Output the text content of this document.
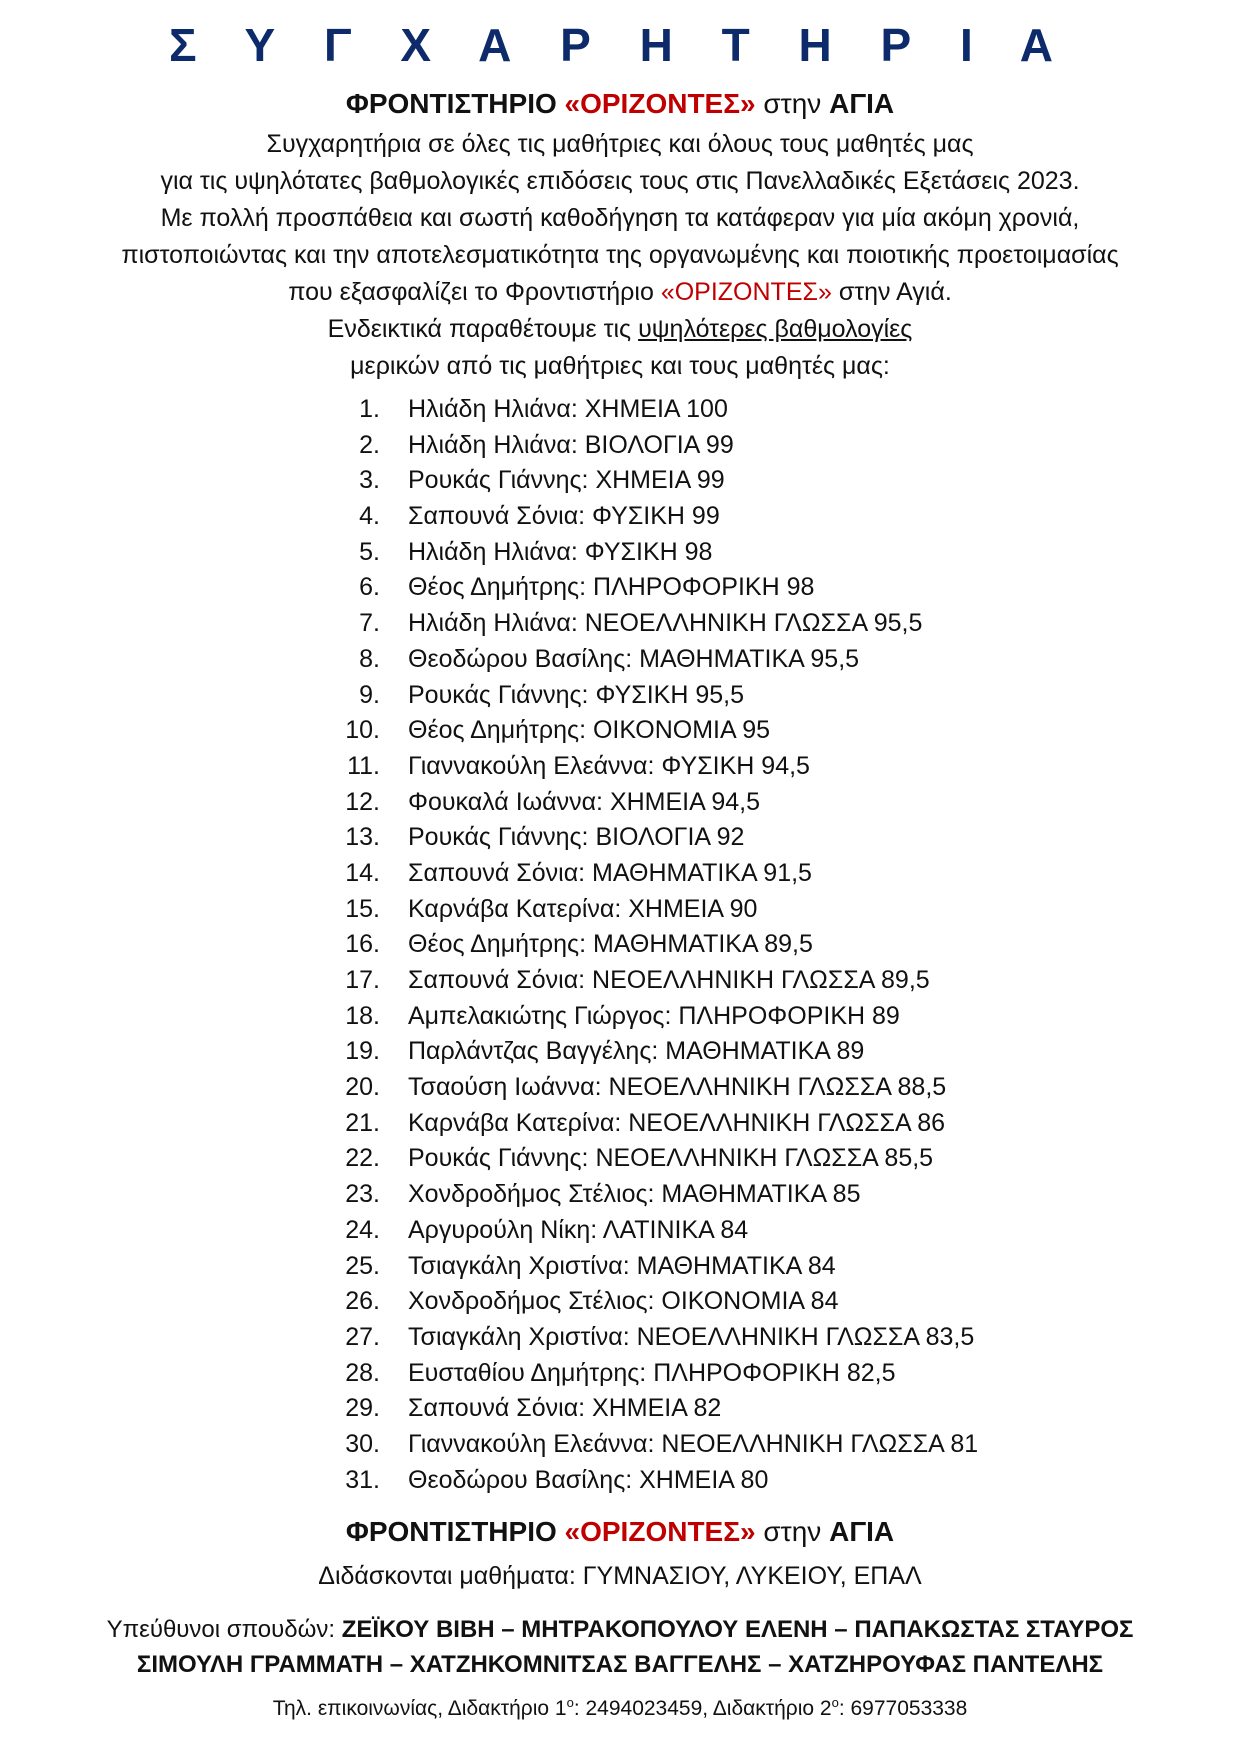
Σ Υ Γ Χ Α Ρ Η Τ Η Ρ Ι Α
ΦΡΟΝΤΙΣΤΗΡΙΟ «ΟΡΙΖΟΝΤΕΣ» στην ΑΓΙΑ

Συγχαρητήρια σε όλες τις μαθήτριες και όλους τους μαθητές μας

για τις υψηλότατες βαθμολογικές επιδόσεις τους στις Πανελλαδικές Εξετάσεις 2023.

Με πολλή προσπάθεια και σωστή καθοδήγηση τα κατάφεραν για μία ακόμη χρονιά,

πιστοποιώντας και την αποτελεσματικότητα της οργανωμένης και ποιοτικής προετοιμασίας

που εξασφαλίζει το Φροντιστήριο «ΟΡΙΖΟΝΤΕΣ» στην Αγιά.

Ενδεικτικά παραθέτουμε τις υψηλότερες βαθμολογίες

μερικών από τις μαθήτριες και τους μαθητές μας:

1. Ηλιάδη Ηλιάνα: ΧΗΜΕΙΑ 100
2. Ηλιάδη Ηλιάνα: ΒΙΟΛΟΓΙΑ 99
3. Ρουκάς Γιάννης: ΧΗΜΕΙΑ 99
4. Σαπουνά Σόνια: ΦΥΣΙΚΗ 99
5. Ηλιάδη Ηλιάνα: ΦΥΣΙΚΗ 98
6. Θέος Δημήτρης: ΠΛΗΡΟΦΟΡΙΚΗ 98
7. Ηλιάδη Ηλιάνα: ΝΕΟΕΛΛΗΝΙΚΗ ΓΛΩΣΣΑ 95,5
8. Θεοδώρου Βασίλης: ΜΑΘΗΜΑΤΙΚΑ 95,5
9. Ρουκάς Γιάννης: ΦΥΣΙΚΗ 95,5
10. Θέος Δημήτρης: ΟΙΚΟΝΟΜΙΑ 95
11. Γιαννακούλη Ελεάννα: ΦΥΣΙΚΗ 94,5
12. Φουκαλά Ιωάννα: ΧΗΜΕΙΑ 94,5
13. Ρουκάς Γιάννης: ΒΙΟΛΟΓΙΑ 92
14. Σαπουνά Σόνια: ΜΑΘΗΜΑΤΙΚΑ 91,5
15. Καρνάβα Κατερίνα: ΧΗΜΕΙΑ 90
16. Θέος Δημήτρης: ΜΑΘΗΜΑΤΙΚΑ 89,5
17. Σαπουνά Σόνια: ΝΕΟΕΛΛΗΝΙΚΗ ΓΛΩΣΣΑ 89,5
18. Αμπελακιώτης Γιώργος: ΠΛΗΡΟΦΟΡΙΚΗ 89
19. Παρλάντζας Βαγγέλης: ΜΑΘΗΜΑΤΙΚΑ 89
20. Τσαούση Ιωάννα: ΝΕΟΕΛΛΗΝΙΚΗ ΓΛΩΣΣΑ 88,5
21. Καρνάβα Κατερίνα: ΝΕΟΕΛΛΗΝΙΚΗ ΓΛΩΣΣΑ 86
22. Ρουκάς Γιάννης: ΝΕΟΕΛΛΗΝΙΚΗ ΓΛΩΣΣΑ 85,5
23. Χονδροδήμος Στέλιος: ΜΑΘΗΜΑΤΙΚΑ 85
24. Αργυρούλη Νίκη: ΛΑΤΙΝΙΚΑ 84
25. Τσιαγκάλη Χριστίνα: ΜΑΘΗΜΑΤΙΚΑ 84
26. Χονδροδήμος Στέλιος: ΟΙΚΟΝΟΜΙΑ 84
27. Τσιαγκάλη Χριστίνα: ΝΕΟΕΛΛΗΝΙΚΗ ΓΛΩΣΣΑ 83,5
28. Ευσταθίου Δημήτρης: ΠΛΗΡΟΦΟΡΙΚΗ 82,5
29. Σαπουνά Σόνια: ΧΗΜΕΙΑ 82
30. Γιαννακούλη Ελεάννα: ΝΕΟΕΛΛΗΝΙΚΗ ΓΛΩΣΣΑ 81
31. Θεοδώρου Βασίλης: ΧΗΜΕΙΑ 80
ΦΡΟΝΤΙΣΤΗΡΙΟ «ΟΡΙΖΟΝΤΕΣ» στην ΑΓΙΑ
Διδάσκονται μαθήματα: ΓΥΜΝΑΣΙΟΥ, ΛΥΚΕΙΟΥ, ΕΠΑΛ

Υπεύθυνοι σπουδών: ΖΕΪΚΟΥ ΒΙΒΗ – ΜΗΤΡΑΚΟΠΟΥΛΟΥ ΕΛΕΝΗ – ΠΑΠΑΚΩΣΤΑΣ ΣΤΑΥΡΟΣ

ΣΙΜΟΥΛΗ ΓΡΑΜΜΑΤΗ – ΧΑΤΖΗΚΟΜΝΙΤΣΑΣ ΒΑΓΓΕΛΗΣ – ΧΑΤΖΗΡΟΥΦΑΣ ΠΑΝΤΕΛΗΣ

Τηλ. επικοινωνίας, Διδακτήριο $1^o$: 2494023459, Διδακτήριο $2^o$: 6977053338
